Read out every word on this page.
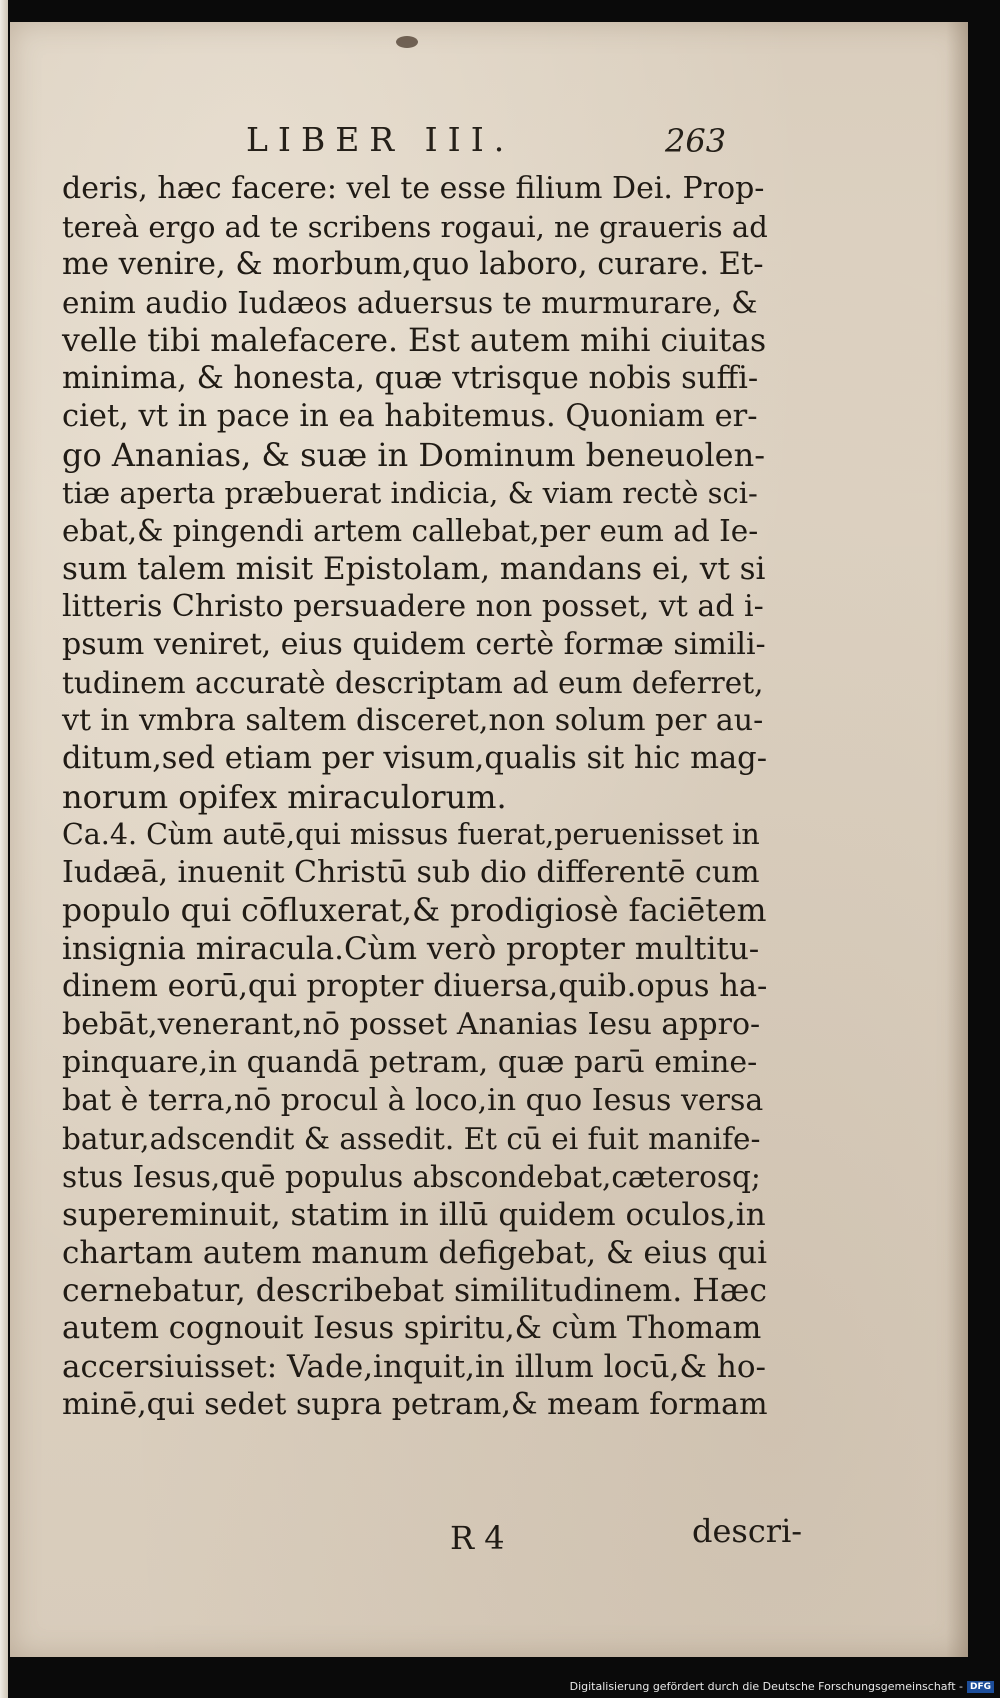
LIBER III.	263
deris, hæc facere: vel te esse filium Dei. Prop-
tereà ergo ad te scribens rogaui, ne graueris ad
me venire, & morbum,quo laboro, curare. Et-
enim audio Iudæos aduersus te murmurare, &
velle tibi malefacere. Est autem mihi ciuitas
minima, & honesta, quæ vtrisque nobis suffi-
ciet, vt in pace in ea habitemus. Quoniam er-
go Ananias, & suæ in Dominum beneuolen-
tiæ aperta præbuerat indicia, & viam rectè sci-
ebat,& pingendi artem callebat,per eum ad Ie-
sum talem misit Epistolam, mandans ei, vt si
litteris Christo persuadere non posset, vt ad i-
psum veniret, eius quidem certè formæ simili-
tudinem accuratè descriptam ad eum deferret,
vt in vmbra saltem disceret,non solum per au-
ditum,sed etiam per visum,qualis sit hic mag-
norum opifex miraculorum.
Ca.4. Cùm autē,qui missus fuerat,peruenisset in
Iudæā, inuenit Christū sub dio differentē cum
populo qui cōfluxerat,& prodigiosè faciētem
insignia miracula.Cùm verò propter multitu-
dinem eorū,qui propter diuersa,quib.opus ha-
bebāt,venerant,nō posset Ananias Iesu appro-
pinquare,in quandā petram, quæ parū emine-
bat è terra,nō procul à loco,in quo Iesus versa
batur,adscendit & assedit. Et cū ei fuit manife-
stus Iesus,quē populus abscondebat,cæterosq;
supereminuit, statim in illū quidem oculos,in
chartam autem manum defigebat, & eius qui
cernebatur, describebat similitudinem. Hæc
autem cognouit Iesus spiritu,& cùm Thomam
accersiuisset: Vade,inquit,in illum locū,& ho-
minē,qui sedet supra petram,& meam formam
R 4	descri-
Digitalisierung gefördert durch die Deutsche Forschungsgemeinschaft - DFG
